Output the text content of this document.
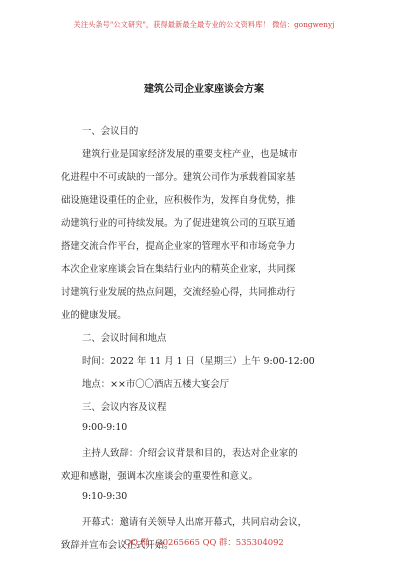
关注头条号"公文研究"，获得最新最全最专业的公文资料库！ 微信：gongwenyj
建筑公司企业家座谈会方案
一、会议目的
建筑行业是国家经济发展的重要支柱产业，也是城市
化进程中不可或缺的一部分。建筑公司作为承载着国家基
础设施建设重任的企业，应积极作为，发挥自身优势，推
动建筑行业的可持续发展。为了促进建筑公司的互联互通
搭建交流合作平台，提高企业家的管理水平和市场竞争力
本次企业家座谈会旨在集结行业内的精英企业家，共同探
讨建筑行业发展的热点问题，交流经验心得，共同推动行
业的健康发展。
二、会议时间和地点
时间：2022 年 11 月 1 日（星期三）上午 9:00-12:00
地点：××市〇〇酒店五楼大宴会厅
三、会议内容及议程
9:00-9:10
主持人致辞：介绍会议背景和目的，表达对企业家的
欢迎和感谢，强调本次座谈会的重要性和意义。
9:10-9:30
开幕式：邀请有关领导人出席开幕式，共同启动会议，
致辞并宣布会议正式开始。
QQ 群：30265665 QQ 群：535304092
